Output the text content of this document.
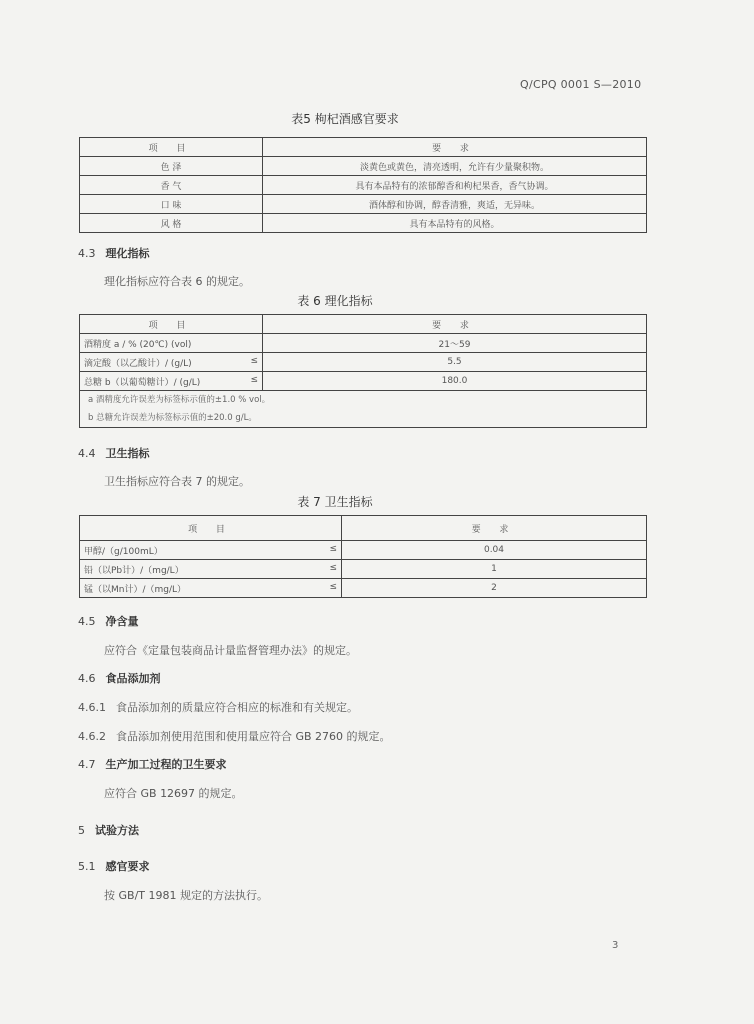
Q/CPQ 0001 S—2010
表5 枸杞酒感官要求
项 目	要 求
色 泽	淡黄色或黄色，清亮透明，允许有少量聚积物。
香 气	具有本品特有的浓郁醇香和枸杞果香，香气协调。
口 味	酒体醇和协调，醇香清雅，爽适，无异味。
风 格	具有本品特有的风格。
4.3 理化指标
理化指标应符合表 6 的规定。
表 6 理化指标
项 目	要 求
酒精度 a / % (20℃) (vol)	21～59
滴定酸（以乙酸计）/ (g/L) ≤	5.5
总糖 b（以葡萄糖计）/ (g/L) ≤	180.0

a 酒精度允许误差为标签标示值的±1.0 % vol。
b 总糖允许误差为标签标示值的±20.0 g/L。	
4.4 卫生指标
卫生指标应符合表 7 的规定。
表 7 卫生指标
项 目	要 求
甲醇/（g/100mL） ≤	0.04
铅（以Pb计）/（mg/L） ≤	1
锰（以Mn计）/（mg/L） ≤	2
4.5 净含量
应符合《定量包装商品计量监督管理办法》的规定。
4.6 食品添加剂
4.6.1 食品添加剂的质量应符合相应的标准和有关规定。
4.6.2 食品添加剂使用范围和使用量应符合 GB 2760 的规定。
4.7 生产加工过程的卫生要求
应符合 GB 12697 的规定。
5 试验方法
5.1 感官要求
按 GB/T 1981 规定的方法执行。
3
